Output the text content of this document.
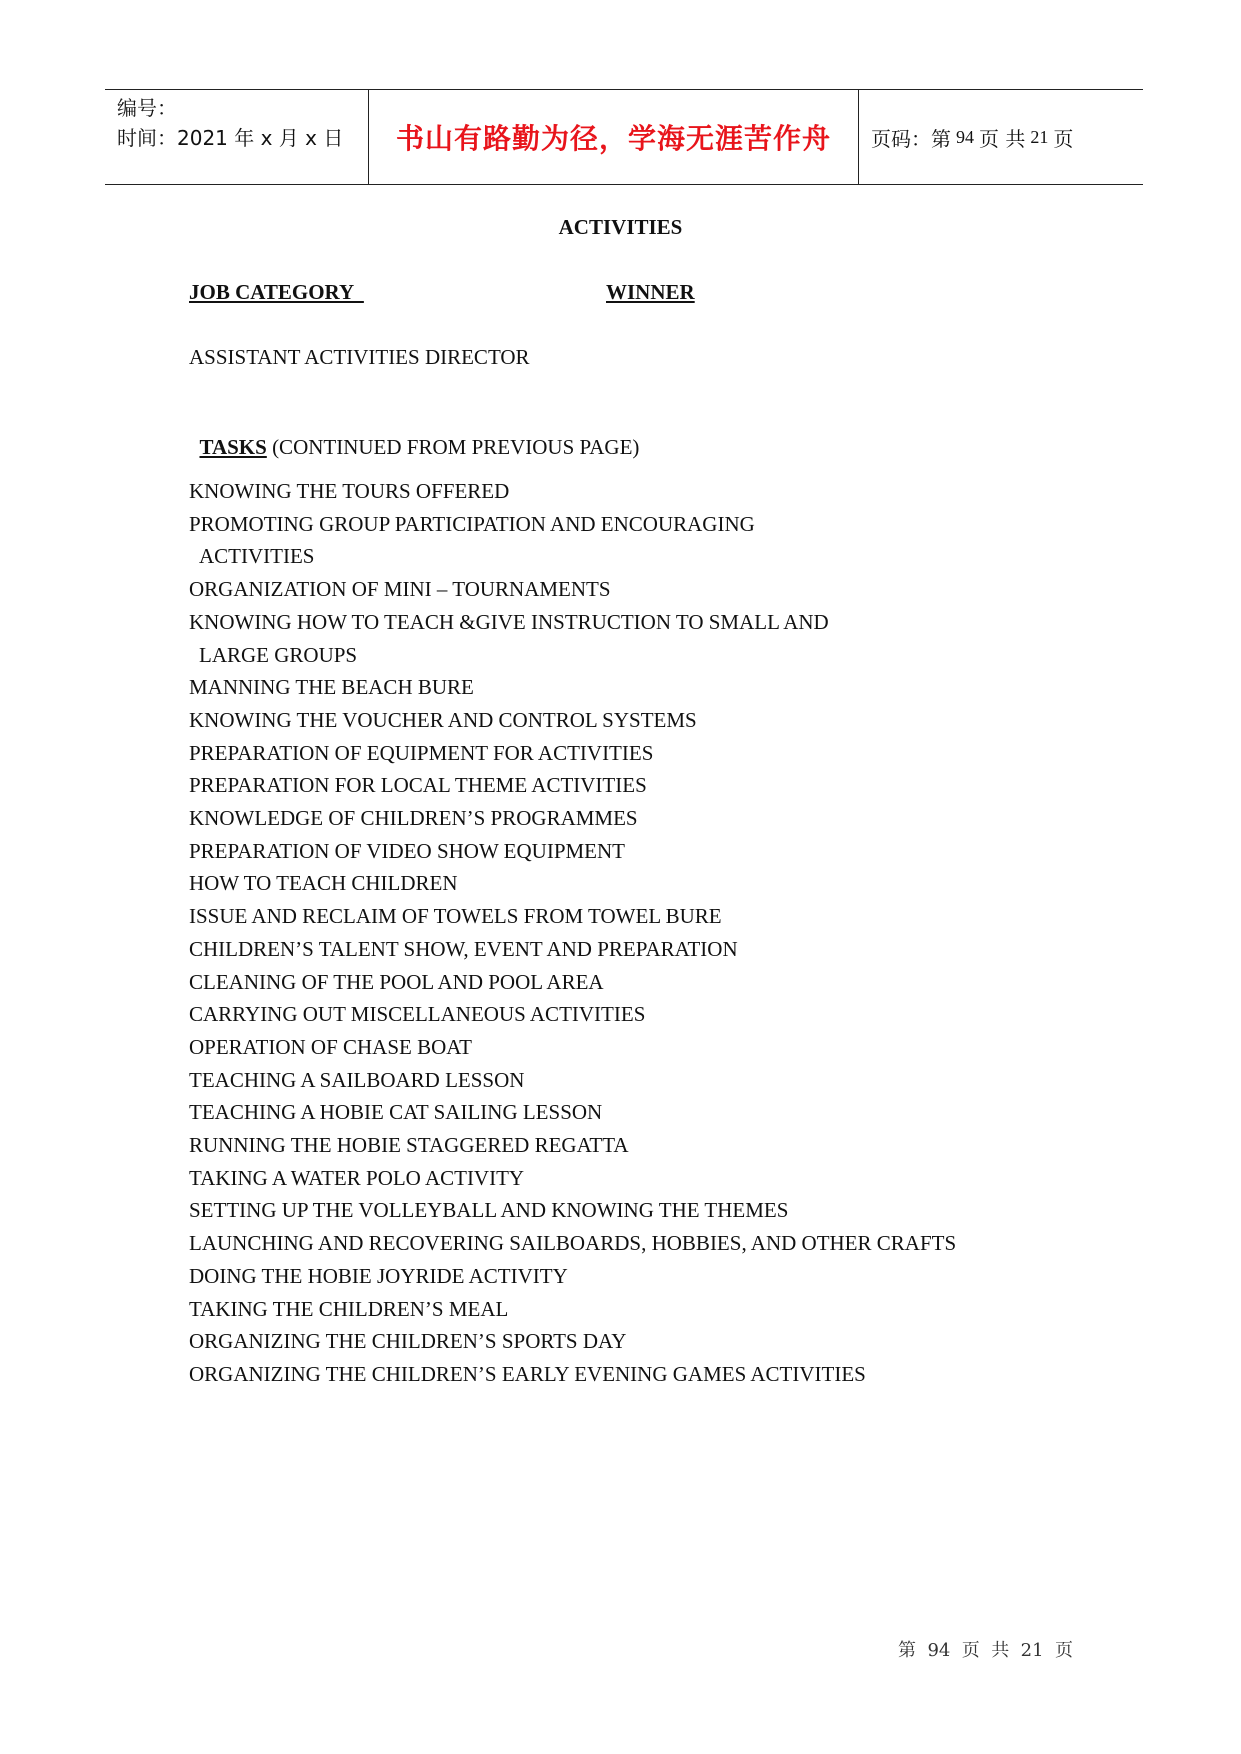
编号：
时间：2021 年 x 月 x 日	书山有路勤为径，学海无涯苦作舟 页码：第 94 页 共 21 页
ACTIVITIES
JOB CATEGORY	WINNER
ASSISTANT ACTIVITIES DIRECTOR

TASKS (CONTINUED FROM PREVIOUS PAGE)

KNOWING THE TOURS OFFERED
PROMOTING GROUP PARTICIPATION AND ENCOURAGING
ACTIVITIES
ORGANIZATION OF MINI – TOURNAMENTS
KNOWING HOW TO TEACH &GIVE INSTRUCTION TO SMALL AND
LARGE GROUPS
MANNING THE BEACH BURE
KNOWING THE VOUCHER AND CONTROL SYSTEMS
PREPARATION OF EQUIPMENT FOR ACTIVITIES
PREPARATION FOR LOCAL THEME ACTIVITIES
KNOWLEDGE OF CHILDREN’S PROGRAMMES
PREPARATION OF VIDEO SHOW EQUIPMENT
HOW TO TEACH CHILDREN
ISSUE AND RECLAIM OF TOWELS FROM TOWEL BURE
CHILDREN’S TALENT SHOW, EVENT AND PREPARATION
CLEANING OF THE POOL AND POOL AREA
CARRYING OUT MISCELLANEOUS ACTIVITIES
OPERATION OF CHASE BOAT
TEACHING A SAILBOARD LESSON
TEACHING A HOBIE CAT SAILING LESSON
RUNNING THE HOBIE STAGGERED REGATTA
TAKING A WATER POLO ACTIVITY
SETTING UP THE VOLLEYBALL AND KNOWING THE THEMES
LAUNCHING AND RECOVERING SAILBOARDS, HOBBIES, AND OTHER CRAFTS
DOING THE HOBIE JOYRIDE ACTIVITY
TAKING THE CHILDREN’S MEAL
ORGANIZING THE CHILDREN’S SPORTS DAY
ORGANIZING THE CHILDREN’S EARLY EVENING GAMES ACTIVITIES
第  94  页  共  21  页
